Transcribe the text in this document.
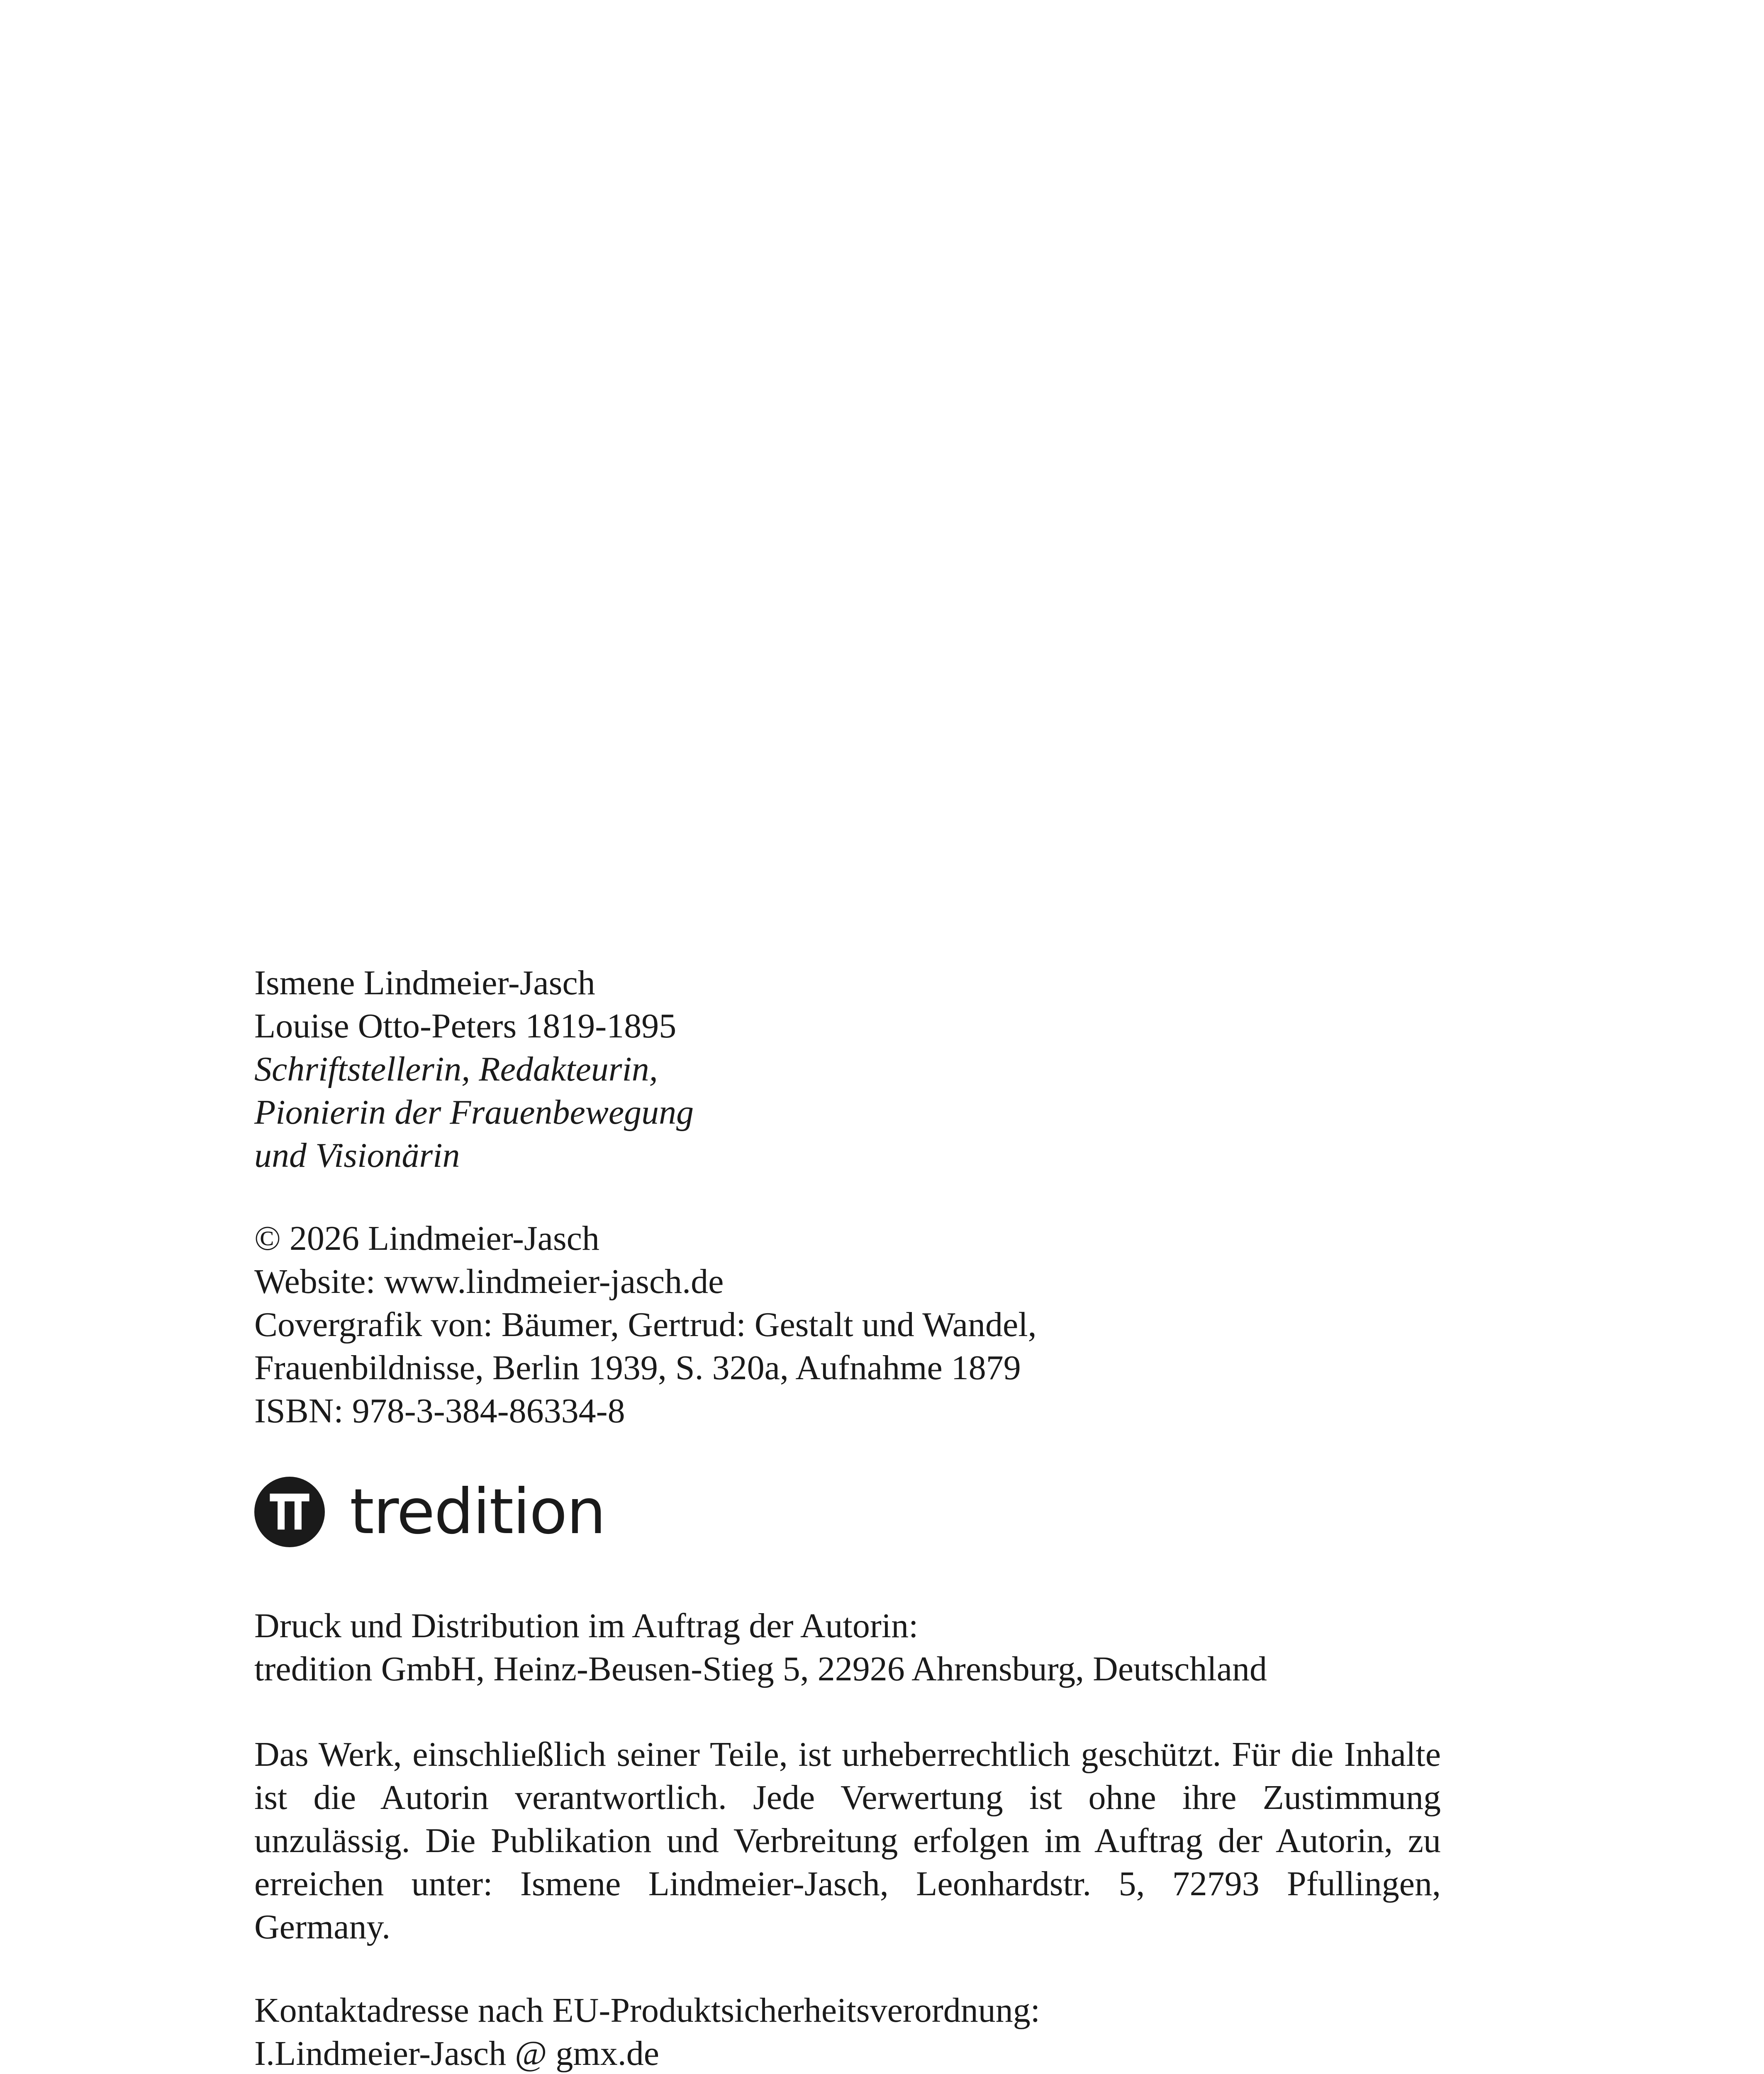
Ismene Lindmeier-Jasch
Louise Otto-Peters 1819-1895
Schriftstellerin, Redakteurin,
Pionierin der Frauenbewegung
und Visionärin
© 2026 Lindmeier-Jasch
Website: www.lindmeier-jasch.de
Covergrafik von: Bäumer, Gertrud: Gestalt und Wandel,
Frauenbildnisse, Berlin 1939, S. 320a, Aufnahme 1879
ISBN: 978-3-384-86334-8
tredition
Druck und Distribution im Auftrag der Autorin:
tredition GmbH, Heinz-Beusen-Stieg 5, 22926 Ahrensburg, Deutschland
Das Werk, einschließlich seiner Teile, ist urheberrechtlich geschützt. Für die Inhalte ist die Autorin verantwortlich. Jede Verwertung ist ohne ihre Zustimmung unzulässig. Die Publikation und Verbreitung erfolgen im Auftrag der Autorin, zu erreichen unter: Ismene Lindmeier-Jasch, Leonhardstr. 5, 72793 Pfullingen, Germany.
Kontaktadresse nach EU-Produktsicherheitsverordnung:
I.Lindmeier-Jasch @ gmx.de
